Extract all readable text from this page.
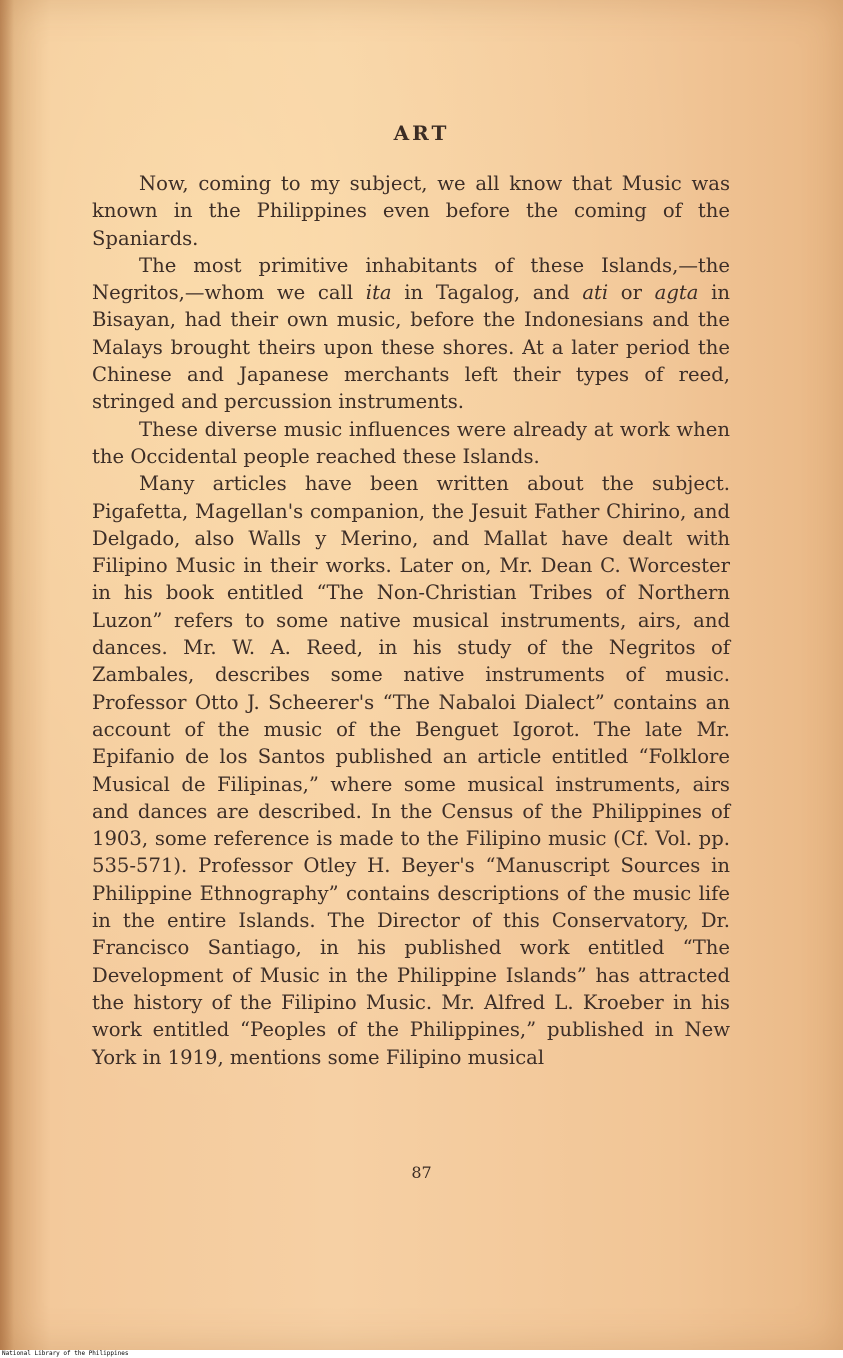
ART

Now, coming to my subject, we all know that Music was known in the Philippines even before the coming of the Spaniards.

The most primitive inhabitants of these Islands,—the Negritos,—whom we call ita in Tagalog, and ati or agta in Bisayan, had their own music, before the Indonesians and the Malays brought theirs upon these shores. At a later period the Chinese and Japanese merchants left their types of reed, stringed and percussion instruments.

These diverse music influences were already at work when the Occidental people reached these Islands.

Many articles have been written about the subject. Pigafetta, Magellan's companion, the Jesuit Father Chirino, and Delgado, also Walls y Merino, and Mallat have dealt with Filipino Music in their works. Later on, Mr. Dean C. Worcester in his book entitled “The Non-Christian Tribes of Northern Luzon” refers to some native musical instruments, airs, and dances. Mr. W. A. Reed, in his study of the Negritos of Zambales, describes some native instruments of music. Professor Otto J. Scheerer's “The Nabaloi Dialect” contains an account of the music of the Benguet Igorot. The late Mr. Epifanio de los Santos published an article entitled “Folklore Musical de Filipinas,” where some musical instruments, airs and dances are described. In the Census of the Philippines of 1903, some reference is made to the Filipino music (Cf. Vol. pp. 535-571). Professor Otley H. Beyer's “Manuscript Sources in Philippine Ethnography” contains descriptions of the music life in the entire Islands. The Director of this Conservatory, Dr. Francisco Santiago, in his published work entitled “The Development of Music in the Philippine Islands” has attracted the history of the Filipino Music. Mr. Alfred L. Kroeber in his work entitled “Peoples of the Philippines,” published in New York in 1919, mentions some Filipino musical

87
National Library of the Philippines
